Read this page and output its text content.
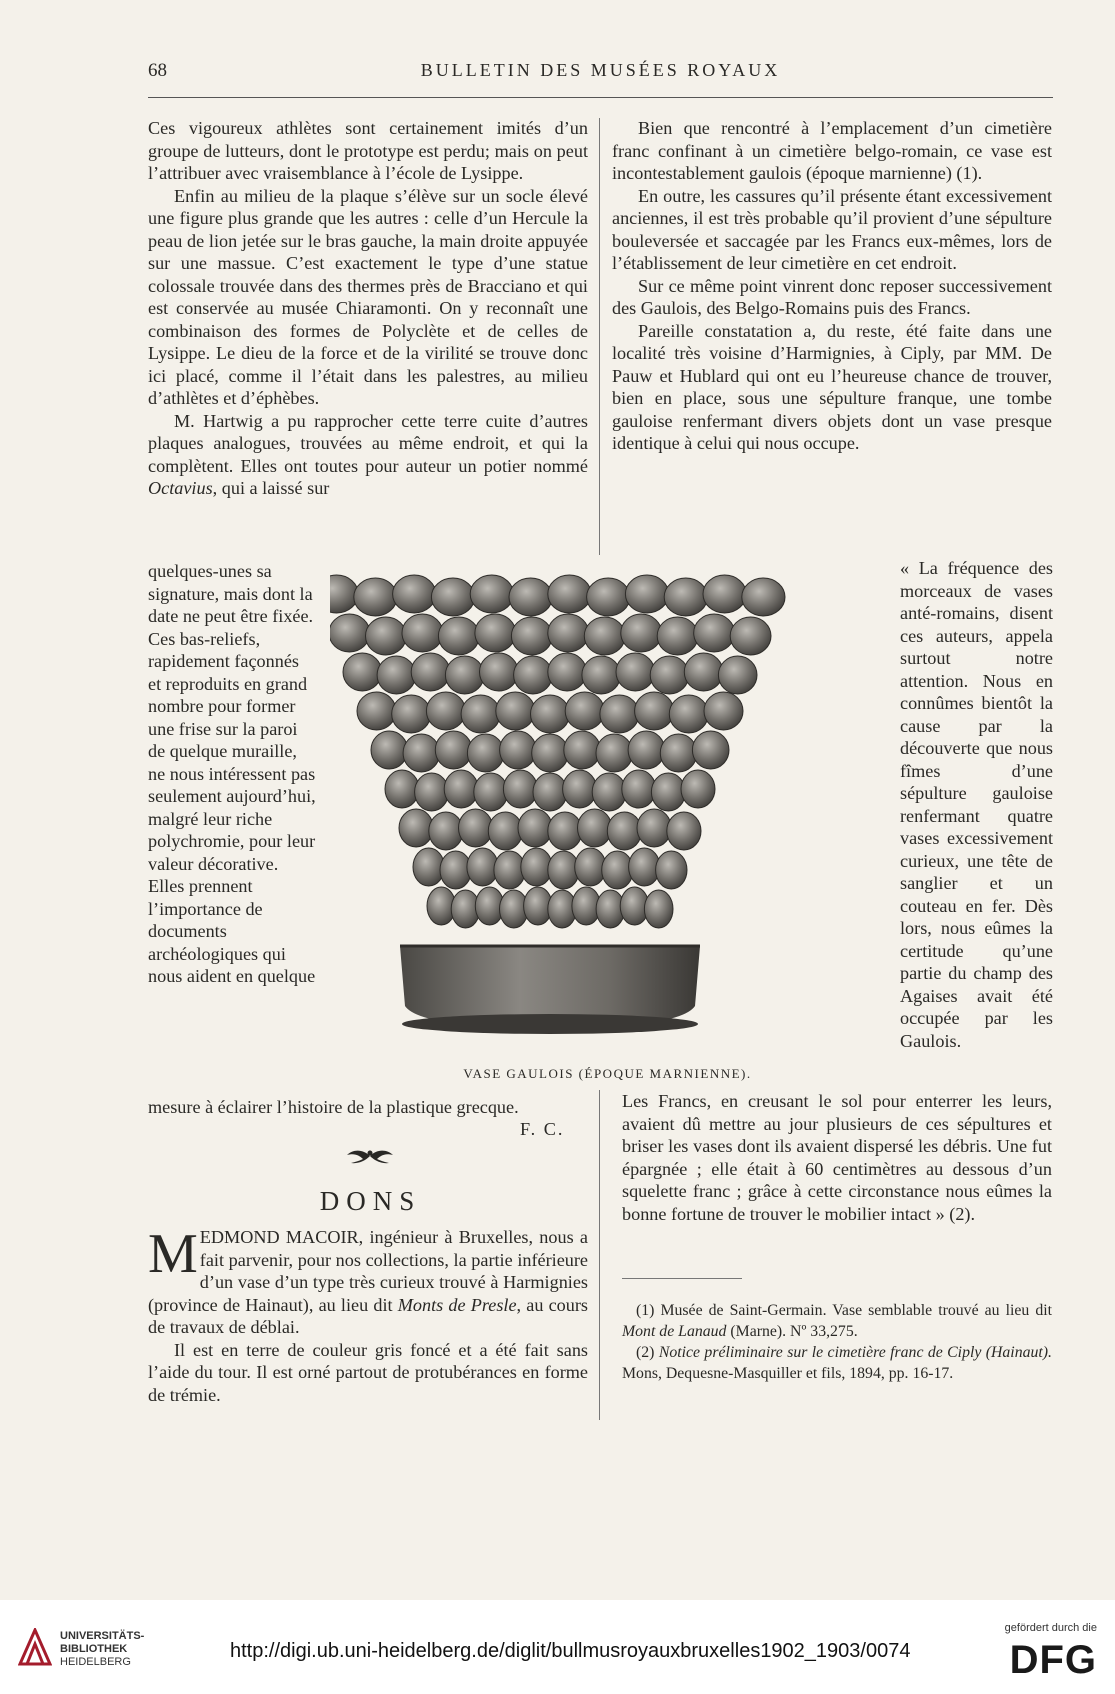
68	BULLETIN DES MUSÉES ROYAUX

Ces vigoureux athlètes sont certainement imités d’un groupe de lutteurs, dont le prototype est perdu; mais on peut l’attribuer avec vraisemblance à l’école de Lysippe.

Enfin au milieu de la plaque s’élève sur un socle élevé une figure plus grande que les autres : celle d’un Hercule la peau de lion jetée sur le bras gauche, la main droite appuyée sur une massue. C’est exactement le type d’une statue colossale trouvée dans des thermes près de Bracciano et qui est conservée au musée Chiaramonti. On y reconnaît une combinaison des formes de Polyclète et de celles de Lysippe. Le dieu de la force et de la virilité se trouve donc ici placé, comme il l’était dans les palestres, au milieu d’athlètes et d’éphèbes.

M. Hartwig a pu rapprocher cette terre cuite d’autres plaques analogues, trouvées au même endroit, et qui la complètent. Elles ont toutes pour auteur un potier nommé Octavius, qui a laissé sur

Bien que rencontré à l’emplacement d’un cimetière franc confinant à un cimetière belgo-romain, ce vase est incontestablement gaulois (époque marnienne) (1).

En outre, les cassures qu’il présente étant excessivement anciennes, il est très probable qu’il provient d’une sépulture bouleversée et saccagée par les Francs eux-mêmes, lors de l’établissement de leur cimetière en cet endroit.

Sur ce même point vinrent donc reposer successivement des Gaulois, des Belgo-Romains puis des Francs.

Pareille constatation a, du reste, été faite dans une localité très voisine d’Harmignies, à Ciply, par MM. De Pauw et Hublard qui ont eu l’heureuse chance de trouver, bien en place, sous une sépulture franque, une tombe gauloise renfermant divers objets dont un vase presque identique à celui qui nous occupe.

quelques-unes sa signature, mais dont la date ne peut être fixée. Ces bas-reliefs, rapidement façonnés et reproduits en grand nombre pour former une frise sur la paroi de quelque muraille, ne nous intéressent pas seulement aujourd’hui, malgré leur riche polychromie, pour leur valeur décorative. Elles prennent l’importance de documents archéologiques qui nous aident en quelque

« La fréquence des morceaux de vases anté-romains, disent ces auteurs, appela surtout notre attention. Nous en connûmes bientôt la cause par la découverte que nous fîmes d’une sépulture gauloise renfermant quatre vases excessivement curieux, une tête de sanglier et un couteau en fer. Dès lors, nous eûmes la certitude qu’une partie du champ des Agaises avait été occupée par les Gaulois.

VASE GAULOIS (ÉPOQUE MARNIENNE).
mesure à éclairer l’histoire de la plastique grecque.
F. C.
DONS

MEDMOND MACOIR, ingénieur à Bruxelles, nous a fait parvenir, pour nos collections, la partie inférieure d’un vase d’un type très curieux trouvé à Harmignies (province de Hainaut), au lieu dit Monts de Presle, au cours de travaux de déblai.

Il est en terre de couleur gris foncé et a été fait sans l’aide du tour. Il est orné partout de protubérances en forme de trémie.

Les Francs, en creusant le sol pour enterrer les leurs, avaient dû mettre au jour plusieurs de ces sépultures et briser les vases dont ils avaient dispersé les débris. Une fut épargnée ; elle était à 60 centimètres au dessous d’un squelette franc ; grâce à cette circonstance nous eûmes la bonne fortune de trouver le mobilier intact » (2).

(1) Musée de Saint-Germain. Vase semblable trouvé au lieu dit Mont de Lanaud (Marne). Nº 33,275.

(2) Notice préliminaire sur le cimetière franc de Ciply (Hainaut). Mons, Dequesne-Masquiller et fils, 1894, pp. 16-17.

UNIVERSITÄTS-
BIBLIOTHEK
HEIDELBERG	http://digi.ub.uni-heidelberg.de/diglit/bullmusroyauxbruxelles1902_1903/0074
gefördert durch die
DFG
